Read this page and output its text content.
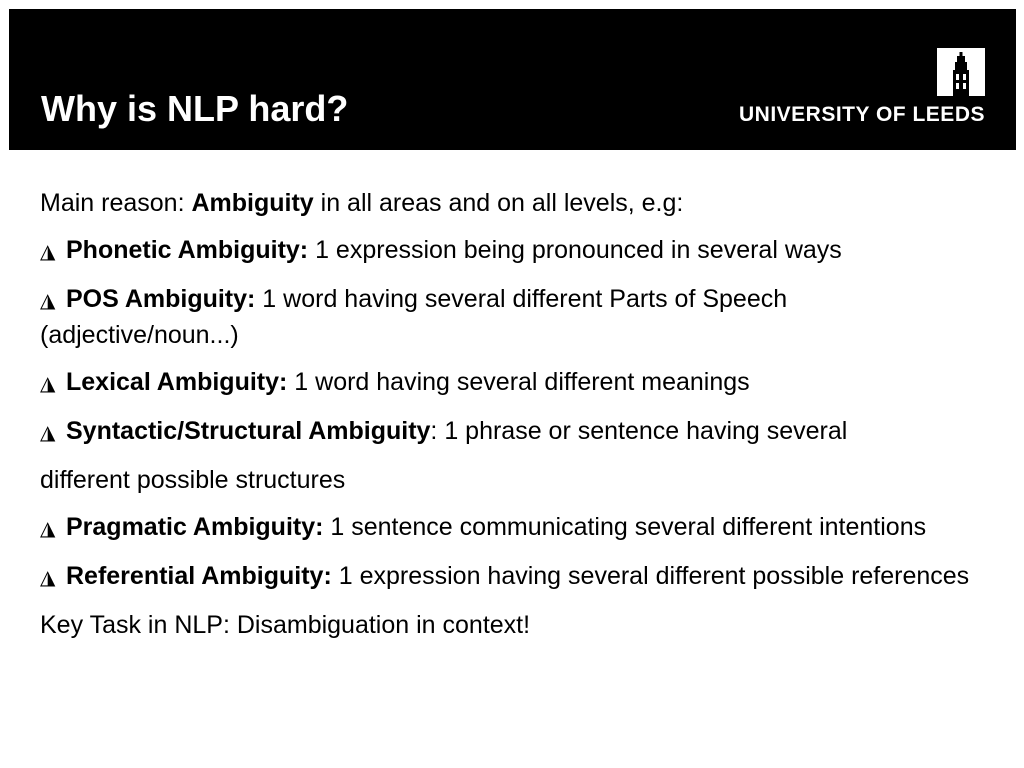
Why is NLP hard?	UNIVERSITY OF LEEDS

Main reason: Ambiguity in all areas and on all levels, e.g:

◮ Phonetic Ambiguity: 1 expression being pronounced in several ways

◮ POS Ambiguity: 1 word having several different Parts of Speech (adjective/noun...)

◮ Lexical Ambiguity: 1 word having several different meanings

◮ Syntactic/Structural Ambiguity: 1 phrase or sentence having several

different possible structures

◮ Pragmatic Ambiguity: 1 sentence communicating several different intentions

◮ Referential Ambiguity: 1 expression having several different possible references

Key Task in NLP: Disambiguation in context!
